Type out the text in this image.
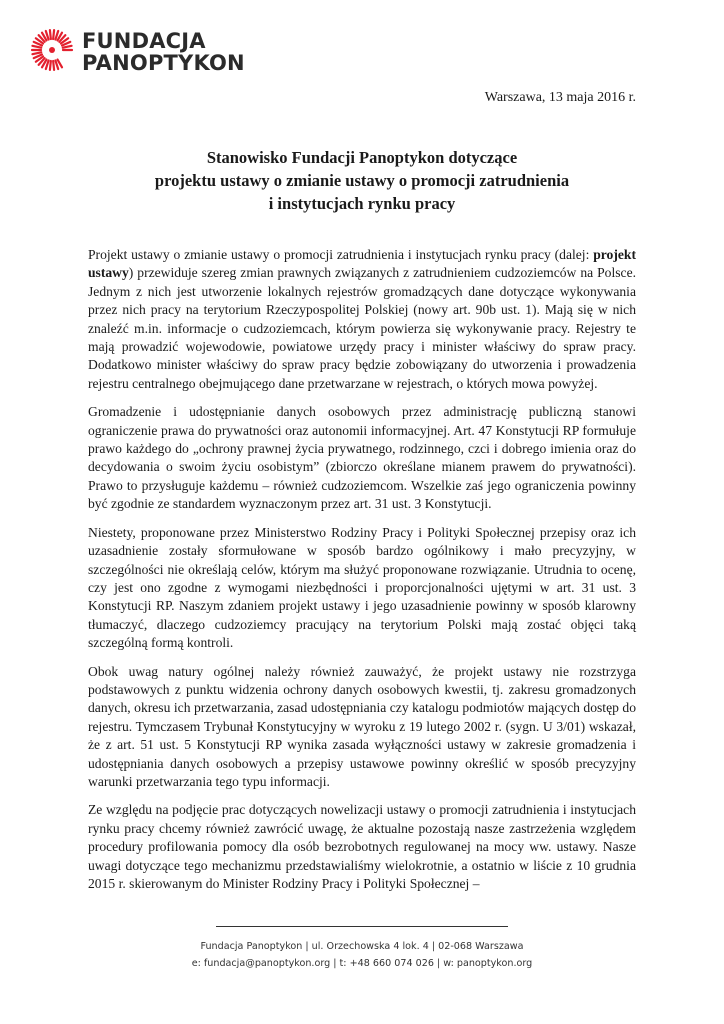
FUNDACJA
PANOPTYKON
Warszawa, 13 maja 2016 r.
Stanowisko Fundacji Panoptykon dotyczące
projektu ustawy o zmianie ustawy o promocji zatrudnienia
i instytucjach rynku pracy

Projekt ustawy o zmianie ustawy o promocji zatrudnienia i instytucjach rynku pracy (dalej: projekt ustawy) przewiduje szereg zmian prawnych związanych z zatrudnieniem cudzoziemców na Polsce. Jednym z nich jest utworzenie lokalnych rejestrów gromadzących dane dotyczące wykonywania przez nich pracy na terytorium Rzeczypospolitej Polskiej (nowy art. 90b ust. 1). Mają się w nich znaleźć m.in. informacje o cudzoziemcach, którym powierza się wykonywanie pracy. Rejestry te mają prowadzić wojewodowie, powiatowe urzędy pracy i minister właściwy do spraw pracy. Dodatkowo minister właściwy do spraw pracy będzie zobowiązany do utworzenia i prowadzenia rejestru centralnego obejmującego dane przetwarzane w rejestrach, o których mowa powyżej.

Gromadzenie i udostępnianie danych osobowych przez administrację publiczną stanowi ograniczenie prawa do prywatności oraz autonomii informacyjnej. Art. 47 Konstytucji RP formułuje prawo każdego do „ochrony prawnej życia prywatnego, rodzinnego, czci i dobrego imienia oraz do decydowania o swoim życiu osobistym” (zbiorczo określane mianem prawem do prywatności). Prawo to przysługuje każdemu – również cudzoziemcom. Wszelkie zaś jego ograniczenia powinny być zgodnie ze standardem wyznaczonym przez art. 31 ust. 3 Konstytucji.

Niestety, proponowane przez Ministerstwo Rodziny Pracy i Polityki Społecznej przepisy oraz ich uzasadnienie zostały sformułowane w sposób bardzo ogólnikowy i mało precyzyjny, w szczególności nie określają celów, którym ma służyć proponowane rozwiązanie. Utrudnia to ocenę, czy jest ono zgodne z wymogami niezbędności i proporcjonalności ujętymi w art. 31 ust. 3 Konstytucji RP. Naszym zdaniem projekt ustawy i jego uzasadnienie powinny w sposób klarowny tłumaczyć, dlaczego cudzoziemcy pracujący na terytorium Polski mają zostać objęci taką szczególną formą kontroli.

Obok uwag natury ogólnej należy również zauważyć, że projekt ustawy nie rozstrzyga podstawowych z punktu widzenia ochrony danych osobowych kwestii, tj. zakresu gromadzonych danych, okresu ich przetwarzania, zasad udostępniania czy katalogu podmiotów mających dostęp do rejestru. Tymczasem Trybunał Konstytucyjny w wyroku z 19 lutego 2002 r. (sygn. U 3/01) wskazał, że z art. 51 ust. 5 Konstytucji RP wynika zasada wyłączności ustawy w zakresie gromadzenia i udostępniania danych osobowych a przepisy ustawowe powinny określić w sposób precyzyjny warunki przetwarzania tego typu informacji.

Ze względu na podjęcie prac dotyczących nowelizacji ustawy o promocji zatrudnienia i instytucjach rynku pracy chcemy również zawrócić uwagę, że aktualne pozostają nasze zastrzeżenia względem procedury profilowania pomocy dla osób bezrobotnych regulowanej na mocy ww. ustawy. Nasze uwagi dotyczące tego mechanizmu przedstawialiśmy wielokrotnie, a ostatnio w liście z 10 grudnia 2015 r. skierowanym do Minister Rodziny Pracy i Polityki Społecznej –

Fundacja Panoptykon | ul. Orzechowska 4 lok. 4 | 02-068 Warszawa
e: fundacja@panoptykon.org | t: +48 660 074 026 | w: panoptykon.org
